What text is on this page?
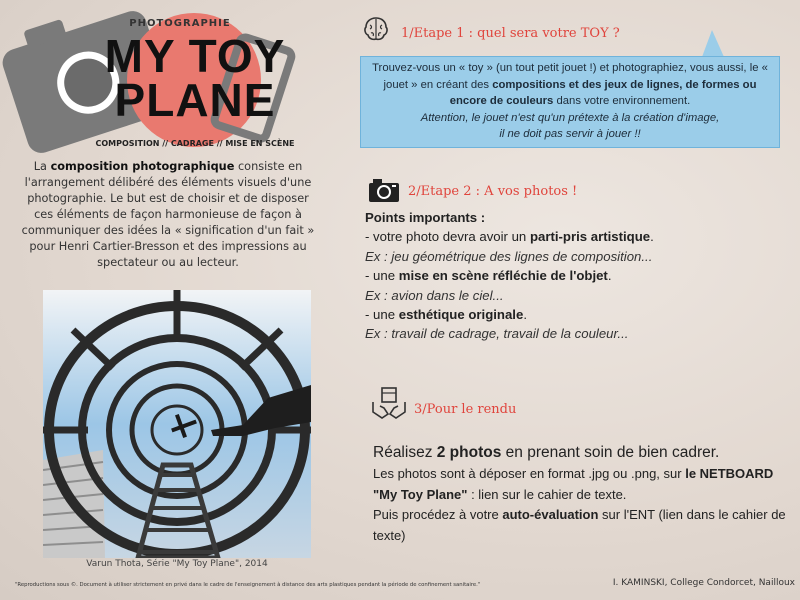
PHOTOGRAPHIE
MY TOY
PLANE
COMPOSITION // CADRAGE // MISE EN SCÈNE
La composition photographique consiste en l'arrangement délibéré des éléments visuels d'une photographie. Le but est de choisir et de disposer ces éléments de façon harmonieuse de façon à communiquer des idées la « signification d'un fait » pour Henri Cartier-Bresson et des impressions au spectateur ou au lecteur.
Varun Thota, Série "My Toy Plane", 2014
1/Etape 1 : quel sera votre TOY ?
Trouvez-vous un « toy » (un tout petit jouet !) et photographiez, vous aussi, le « jouet » en créant des compositions et des jeux de lignes, de formes ou encore de couleurs dans votre environnement.
Attention, le jouet n'est qu'un prétexte à la création d'image,
il ne doit pas servir à jouer !!
2/Etape 2 : A vos photos !
Points importants :
- votre photo devra avoir un parti-pris artistique.
Ex : jeu géométrique des lignes de composition...
- une mise en scène réfléchie de l'objet.
Ex : avion dans le ciel...
- une esthétique originale.
Ex : travail de cadrage, travail de la couleur...
3/Pour le rendu
Réalisez 2 photos en prenant soin de bien cadrer.
Les photos sont à déposer en format .jpg ou .png, sur le NETBOARD "My Toy Plane" : lien sur le cahier de texte.
Puis procédez à votre auto-évaluation sur l'ENT (lien dans le cahier de texte)
"Reproductions sous ©. Document à utiliser strictement en privé dans le cadre de l'enseignement à distance des arts plastiques pendant la période de confinement sanitaire."	I. KAMINSKI, College Condorcet, Nailloux
